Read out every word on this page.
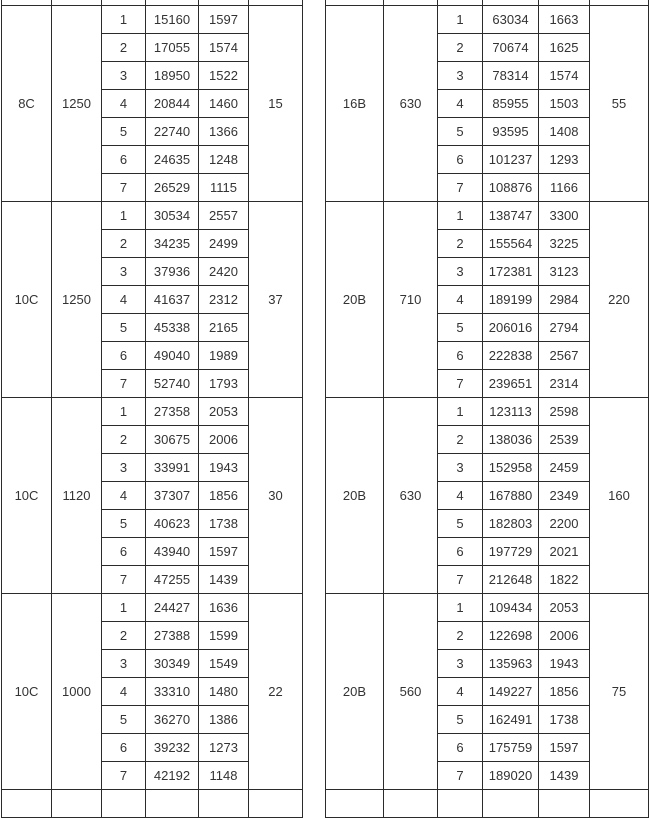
8C	1250	1	15160	1597	15
		2	17055	1574	
		3	18950	1522	
		4	20844	1460	
		5	22740	1366	
		6	24635	1248	
		7	26529	1115	
10C	1250	1	30534	2557	37
		2	34235	2499	
		3	37936	2420	
		4	41637	2312	
		5	45338	2165	
		6	49040	1989	
		7	52740	1793	
10C	1120	1	27358	2053	30
		2	30675	2006	
		3	33991	1943	
		4	37307	1856	
		5	40623	1738	
		6	43940	1597	
		7	47255	1439	
10C	1000	1	24427	1636	22
		2	27388	1599	
		3	30349	1549	
		4	33310	1480	
		5	36270	1386	
		6	39232	1273	
		7	42192	1148	

16B	630	1	63034	1663	55
		2	70674	1625	
		3	78314	1574	
		4	85955	1503	
		5	93595	1408	
		6	101237	1293	
		7	108876	1166	
20B	710	1	138747	3300	220
		2	155564	3225	
		3	172381	3123	
		4	189199	2984	
		5	206016	2794	
		6	222838	2567	
		7	239651	2314	
20B	630	1	123113	2598	160
		2	138036	2539	
		3	152958	2459	
		4	167880	2349	
		5	182803	2200	
		6	197729	2021	
		7	212648	1822	
20B	560	1	109434	2053	75
		2	122698	2006	
		3	135963	1943	
		4	149227	1856	
		5	162491	1738	
		6	175759	1597	
		7	189020	1439	
